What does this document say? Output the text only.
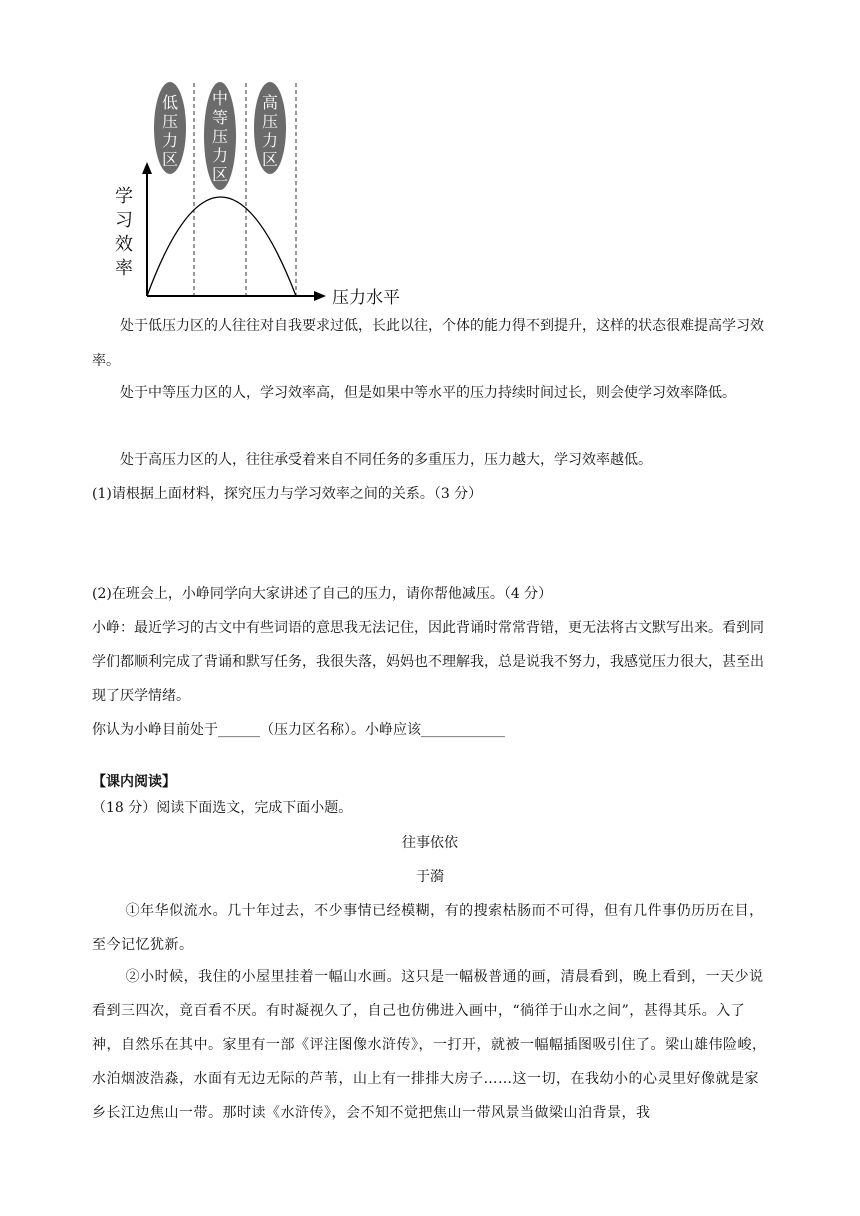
低
压
力
区
中
等
压
力
区
高
压
力
区
学
习
效
率
压力水平

处于低压力区的人往往对自我要求过低，长此以往，个体的能力得不到提升，这样的状态很难提高学习效率。

处于中等压力区的人，学习效率高，但是如果中等水平的压力持续时间过长，则会使学习效率降低。

处于高压力区的人，往往承受着来自不同任务的多重压力，压力越大，学习效率越低。

(1)请根据上面材料，探究压力与学习效率之间的关系。（3 分）

(2)在班会上，小峥同学向大家讲述了自己的压力，请你帮他减压。（4 分）

小峥：最近学习的古文中有些词语的意思我无法记住，因此背诵时常常背错，更无法将古文默写出来。看到同学们都顺利完成了背诵和默写任务，我很失落，妈妈也不理解我，总是说我不努力，我感觉压力很大，甚至出现了厌学情绪。

你认为小峥目前处于______（压力区名称）。小峥应该____________

【课内阅读】

（18 分）阅读下面选文，完成下面小题。

往事依依
于漪

①年华似流水。几十年过去，不少事情已经模糊，有的搜索枯肠而不可得，但有几件事仍历历在目，至今记忆犹新。

②小时候，我住的小屋里挂着一幅山水画。这只是一幅极普通的画，清晨看到，晚上看到，一天少说看到三四次，竟百看不厌。有时凝视久了，自己也仿佛进入画中，“徜徉于山水之间”，甚得其乐。入了神，自然乐在其中。家里有一部《评注图像水浒传》，一打开，就被一幅幅插图吸引住了。梁山雄伟险峻，水泊烟波浩淼，水面有无边无际的芦苇，山上有一排排大房子……这一切，在我幼小的心灵里好像就是家乡长江边焦山一带。那时读《水浒传》，会不知不觉把焦山一带风景当做梁山泊背景，我
